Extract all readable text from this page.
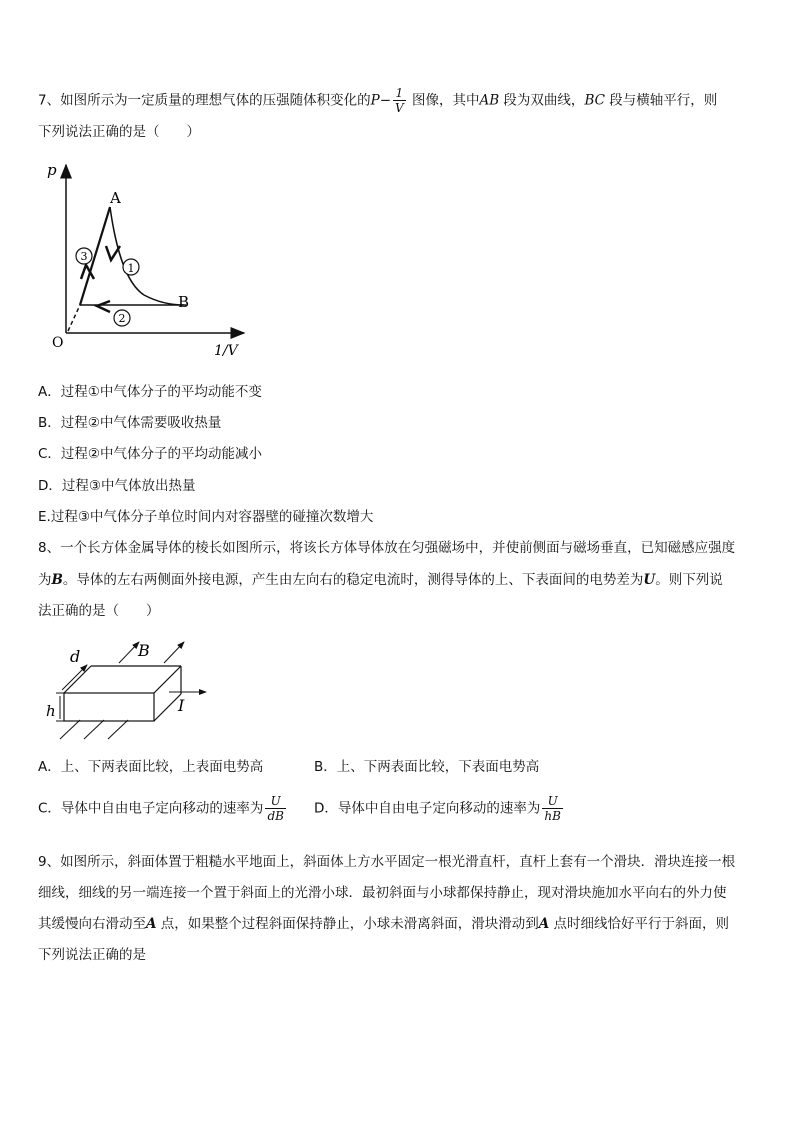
7、如图所示为一定质量的理想气体的压强随体积变化的$P- \frac{1}{V}$ 图像，其中AB 段为双曲线，BC 段与横轴平行，则
下列说法正确的是（　　）
p
O	1/V
A
B
1
2
3
A．过程①中气体分子的平均动能不变
B．过程②中气体需要吸收热量
C．过程②中气体分子的平均动能减小
D．过程③中气体放出热量
E.过程③中气体分子单位时间内对容器壁的碰撞次数增大
8、一个长方体金属导体的棱长如图所示，将该长方体导体放在匀强磁场中，并使前侧面与磁场垂直，已知磁感应强度
为B。导体的左右两侧面外接电源，产生由左向右的稳定电流时，测得导体的上、下表面间的电势差为U。则下列说
法正确的是（　　）
d
h
B
I
A．上、下两表面比较，上表面电势高	B．上、下两表面比较，下表面电势高
C．导体中自由电子定向移动的速率为 $\frac{U}{dB}$ D．导体中自由电子定向移动的速率为 $\frac{U}{hB}$
9、如图所示，斜面体置于粗糙水平地面上，斜面体上方水平固定一根光滑直杆，直杆上套有一个滑块．滑块连接一根
细线，细线的另一端连接一个置于斜面上的光滑小球．最初斜面与小球都保持静止，现对滑块施加水平向右的外力使
其缓慢向右滑动至A 点，如果整个过程斜面保持静止，小球未滑离斜面，滑块滑动到A 点时细线恰好平行于斜面，则
下列说法正确的是
